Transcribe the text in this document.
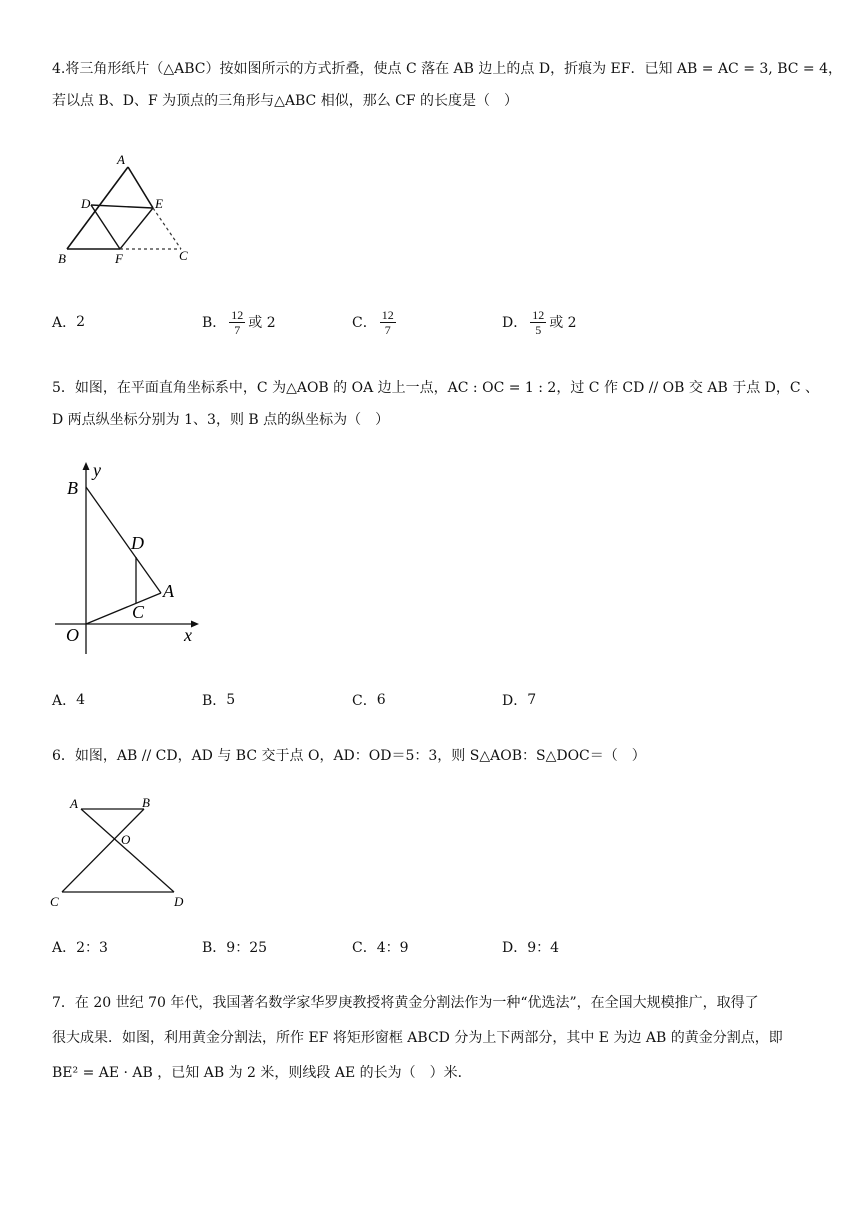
4.将三角形纸片（△ABC）按如图所示的方式折叠，使点 C 落在 AB 边上的点 D，折痕为 EF．已知 AB = AC = 3, BC = 4，
若以点 B、D、F 为顶点的三角形与△ABC 相似，那么 CF 的长度是（　）
A
D	E
B	F	C
A． 2	B． $\frac{12}{7}$ 或 2	C． $\frac{12}{7}$	D． $\frac{12}{5}$ 或 2
5．如图，在平面直角坐标系中，C 为△AOB 的 OA 边上一点，AC : OC = 1 : 2，过 C 作 CD // OB 交 AB 于点 D，C 、
D 两点纵坐标分别为 1、3，则 B 点的纵坐标为（　）
y
B
D
A
C
O	x
A． 4	B． 5	C． 6	D． 7
6．如图，AB // CD，AD 与 BC 交于点 O，AD：OD＝5：3，则 S△AOB：S△DOC＝（　）
A	B
O
C	D
A． 2：3	B． 9：25	C． 4：9	D． 9：4
7．在 20 世纪 70 年代，我国著名数学家华罗庚教授将黄金分割法作为一种“优选法”，在全国大规模推广，取得了
很大成果．如图，利用黄金分割法，所作 EF 将矩形窗框 ABCD 分为上下两部分，其中 E 为边 AB 的黄金分割点，即
BE² = AE · AB ，已知 AB 为 2 米，则线段 AE 的长为（　）米．
